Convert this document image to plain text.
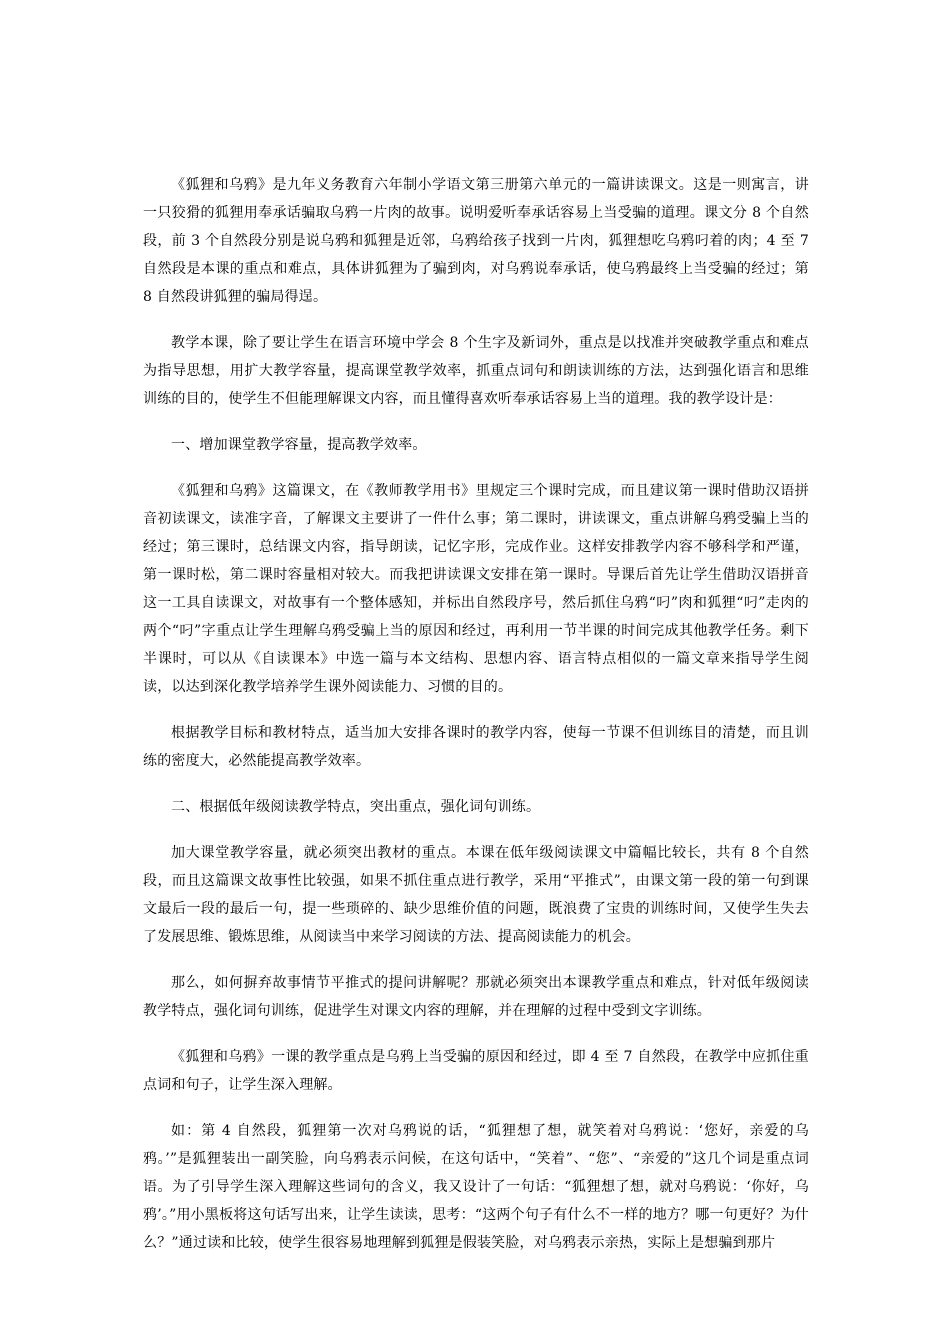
《狐狸和乌鸦》是九年义务教育六年制小学语文第三册第六单元的一篇讲读课文。这是一则寓言，讲一只狡猾的狐狸用奉承话骗取乌鸦一片肉的故事。说明爱听奉承话容易上当受骗的道理。课文分 8 个自然段，前 3 个自然段分别是说乌鸦和狐狸是近邻，乌鸦给孩子找到一片肉，狐狸想吃乌鸦叼着的肉；4 至 7 自然段是本课的重点和难点，具体讲狐狸为了骗到肉，对乌鸦说奉承话，使乌鸦最终上当受骗的经过；第 8 自然段讲狐狸的骗局得逞。

教学本课，除了要让学生在语言环境中学会 8 个生字及新词外，重点是以找准并突破教学重点和难点为指导思想，用扩大教学容量，提高课堂教学效率，抓重点词句和朗读训练的方法，达到强化语言和思维训练的目的，使学生不但能理解课文内容，而且懂得喜欢听奉承话容易上当的道理。我的教学设计是：

一、增加课堂教学容量，提高教学效率。

《狐狸和乌鸦》这篇课文，在《教师教学用书》里规定三个课时完成，而且建议第一课时借助汉语拼音初读课文，读准字音，了解课文主要讲了一件什么事；第二课时，讲读课文，重点讲解乌鸦受骗上当的经过；第三课时，总结课文内容，指导朗读，记忆字形，完成作业。这样安排教学内容不够科学和严谨，第一课时松，第二课时容量相对较大。而我把讲读课文安排在第一课时。导课后首先让学生借助汉语拼音这一工具自读课文，对故事有一个整体感知，并标出自然段序号，然后抓住乌鸦“叼”肉和狐狸“叼”走肉的两个“叼”字重点让学生理解乌鸦受骗上当的原因和经过，再利用一节半课的时间完成其他教学任务。剩下半课时，可以从《自读课本》中选一篇与本文结构、思想内容、语言特点相似的一篇文章来指导学生阅读，以达到深化教学培养学生课外阅读能力、习惯的目的。

根据教学目标和教材特点，适当加大安排各课时的教学内容，使每一节课不但训练目的清楚，而且训练的密度大，必然能提高教学效率。

二、根据低年级阅读教学特点，突出重点，强化词句训练。

加大课堂教学容量，就必须突出教材的重点。本课在低年级阅读课文中篇幅比较长，共有 8 个自然段，而且这篇课文故事性比较强，如果不抓住重点进行教学，采用“平推式”，由课文第一段的第一句到课文最后一段的最后一句，提一些琐碎的、缺少思维价值的问题，既浪费了宝贵的训练时间，又使学生失去了发展思维、锻炼思维，从阅读当中来学习阅读的方法、提高阅读能力的机会。

那么，如何摒弃故事情节平推式的提问讲解呢？那就必须突出本课教学重点和难点，针对低年级阅读教学特点，强化词句训练，促进学生对课文内容的理解，并在理解的过程中受到文字训练。

《狐狸和乌鸦》一课的教学重点是乌鸦上当受骗的原因和经过，即 4 至 7 自然段，在教学中应抓住重点词和句子，让学生深入理解。

如：第 4 自然段，狐狸第一次对乌鸦说的话，“狐狸想了想，就笑着对乌鸦说：‘您好，亲爱的乌鸦。’”是狐狸装出一副笑脸，向乌鸦表示问候，在这句话中，“笑着”、“您”、“亲爱的”这几个词是重点词语。为了引导学生深入理解这些词句的含义，我又设计了一句话：“狐狸想了想，就对乌鸦说：‘你好，乌鸦’。”用小黑板将这句话写出来，让学生读读，思考：“这两个句子有什么不一样的地方？哪一句更好？为什么？”通过读和比较，使学生很容易地理解到狐狸是假装笑脸，对乌鸦表示亲热，实际上是想骗到那片
